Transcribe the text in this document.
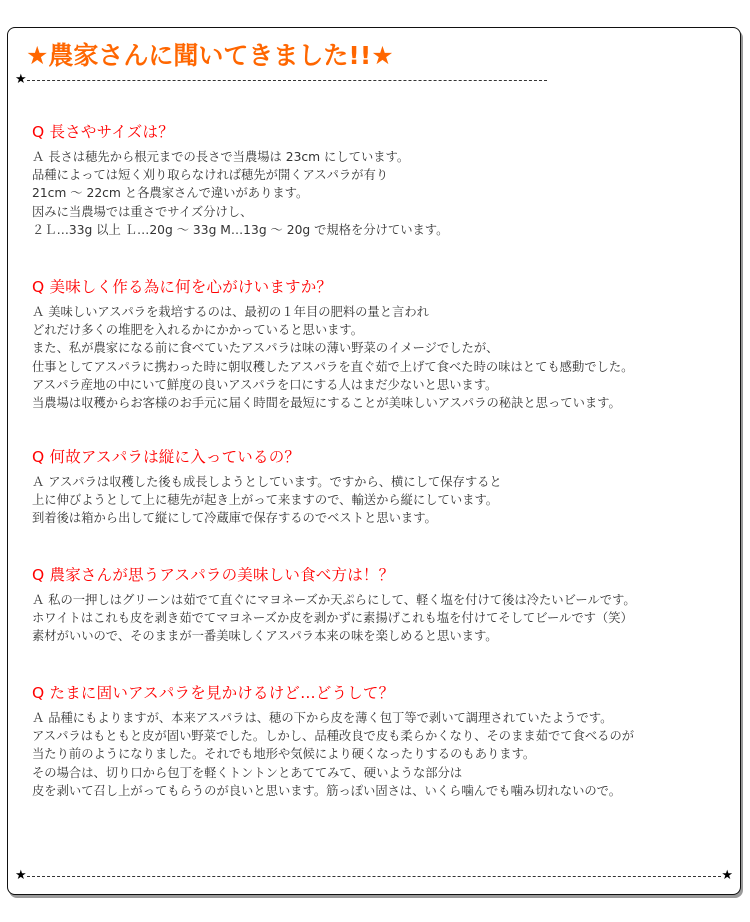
★農家さんに聞いてきました!!★
★
Q 長さやサイズは？
Ａ 長さは穂先から根元までの長さで当農場は 23cm にしています。
品種によっては短く刈り取らなければ穂先が開くアスパラが有り
21cm ～ 22cm と各農家さんで違いがあります。
因みに当農場では重さでサイズ分けし、
２Ｌ…33g 以上 Ｌ…20g ～ 33g M…13g ～ 20g で規格を分けています。
Q 美味しく作る為に何を心がけいますか？
Ａ 美味しいアスパラを栽培するのは、最初の１年目の肥料の量と言われ
どれだけ多くの堆肥を入れるかにかかっていると思います。
また、私が農家になる前に食べていたアスパラは味の薄い野菜のイメージでしたが、
仕事としてアスパラに携わった時に朝収穫したアスパラを直ぐ茹で上げて食べた時の味はとても感動でした。
アスパラ産地の中にいて鮮度の良いアスパラを口にする人はまだ少ないと思います。
当農場は収穫からお客様のお手元に届く時間を最短にすることが美味しいアスパラの秘訣と思っています。
Q 何故アスパラは縦に入っているの？
Ａ アスパラは収穫した後も成長しようとしています。ですから、横にして保存すると
上に伸びようとして上に穂先が起き上がって来ますので、輸送から縦にしています。
到着後は箱から出して縦にして冷蔵庫で保存するのでベストと思います。
Q 農家さんが思うアスパラの美味しい食べ方は！？
Ａ 私の一押しはグリーンは茹でて直ぐにマヨネーズか天ぷらにして、軽く塩を付けて後は冷たいビールです。
ホワイトはこれも皮を剥き茹でてマヨネーズか皮を剥かずに素揚げこれも塩を付けてそしてビールです（笑）
素材がいいので、そのままが一番美味しくアスパラ本来の味を楽しめると思います。
Q たまに固いアスパラを見かけるけど…どうして？
Ａ 品種にもよりますが、本来アスパラは、穂の下から皮を薄く包丁等で剥いて調理されていたようです。
アスパラはもともと皮が固い野菜でした。しかし、品種改良で皮も柔らかくなり、そのまま茹でて食べるのが
当たり前のようになりました。それでも地形や気候により硬くなったりするのもあります。
その場合は、切り口から包丁を軽くトントンとあててみて、硬いような部分は
皮を剥いて召し上がってもらうのが良いと思います。筋っぽい固さは、いくら噛んでも噛み切れないので。
★	★
